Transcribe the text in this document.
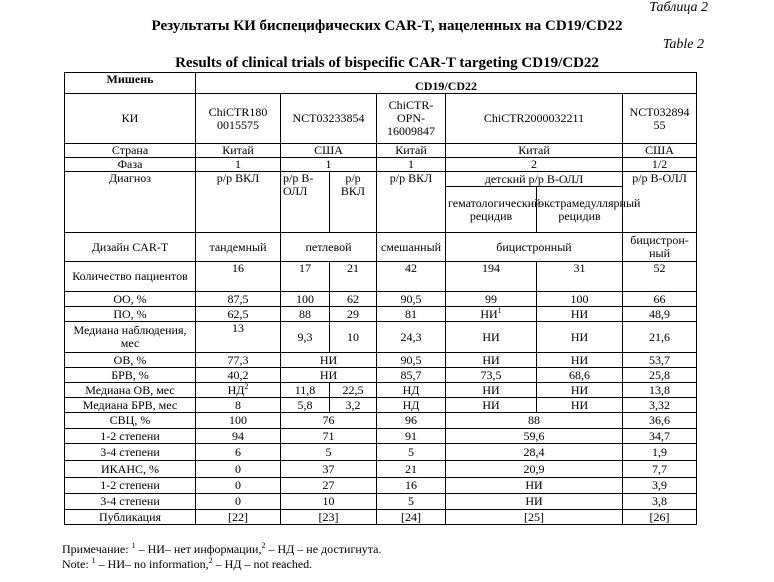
Таблица 2
Результаты КИ биспецифических CAR-T, нацеленных на CD19/CD22
Table 2
Results of clinical trials of bispecific CAR-T targeting CD19/CD22
Мишень	CD19/CD22						
КИ	ChiCTR180 0015575	NCT03233854		ChiCTR-OPN-16009847	ChiCTR2000032211		NCT032894 55
Страна	Китай	США		Китай	Китай		США
Фаза	1	1		1	2		1/2
Диагноз	р/р ВКЛ	р/р В-ОЛЛ	р/р ВКЛ	р/р ВКЛ	детский р/р В-ОЛЛ		р/р В-ОЛЛ
					гематологический рецидив	экстрамедуллярный рецидив	
Дизайн CAR-T	тандемный	петлевой		смешанный	бицистронный		бицистрон-ный
Количество пациентов	16	17	21	42	194	31	52
ОО, %	87,5	100	62	90,5	99	100	66
ПО, %	62,5	88	29	81	$НИ^1$	НИ	48,9
Медиана наблюдения, мес	13	9,3	10	24,3	НИ	НИ	21,6
ОВ, %	77,3	НИ		90,5	НИ	НИ	53,7
БРВ, %	40,2	НИ		85,7	73,5	68,6	25,8
Медиана ОВ, мес	$НД^2$	11,8	22,5	НД	НИ	НИ	13,8
Медиана БРВ, мес	8	5,8	3,2	НД	НИ	НИ	3,32
СВЦ, %	100	76		96	88		36,6
1-2 степени	94	71		91	59,6		34,7
3-4 степени	6	5		5	28,4		1,9
ИКАНС, %	0	37		21	20,9		7,7
1-2 степени	0	27		16	НИ		3,9
3-4 степени	0	10		5	НИ		3,8
Публикация	[22]	[23]		[24]	[25]		[26]
Примечание: $^1$ – НИ– нет информации,$^2$ – НД – не достигнута.
Note: $^1$ – НИ– no information,$^2$ – НД – not reached.
